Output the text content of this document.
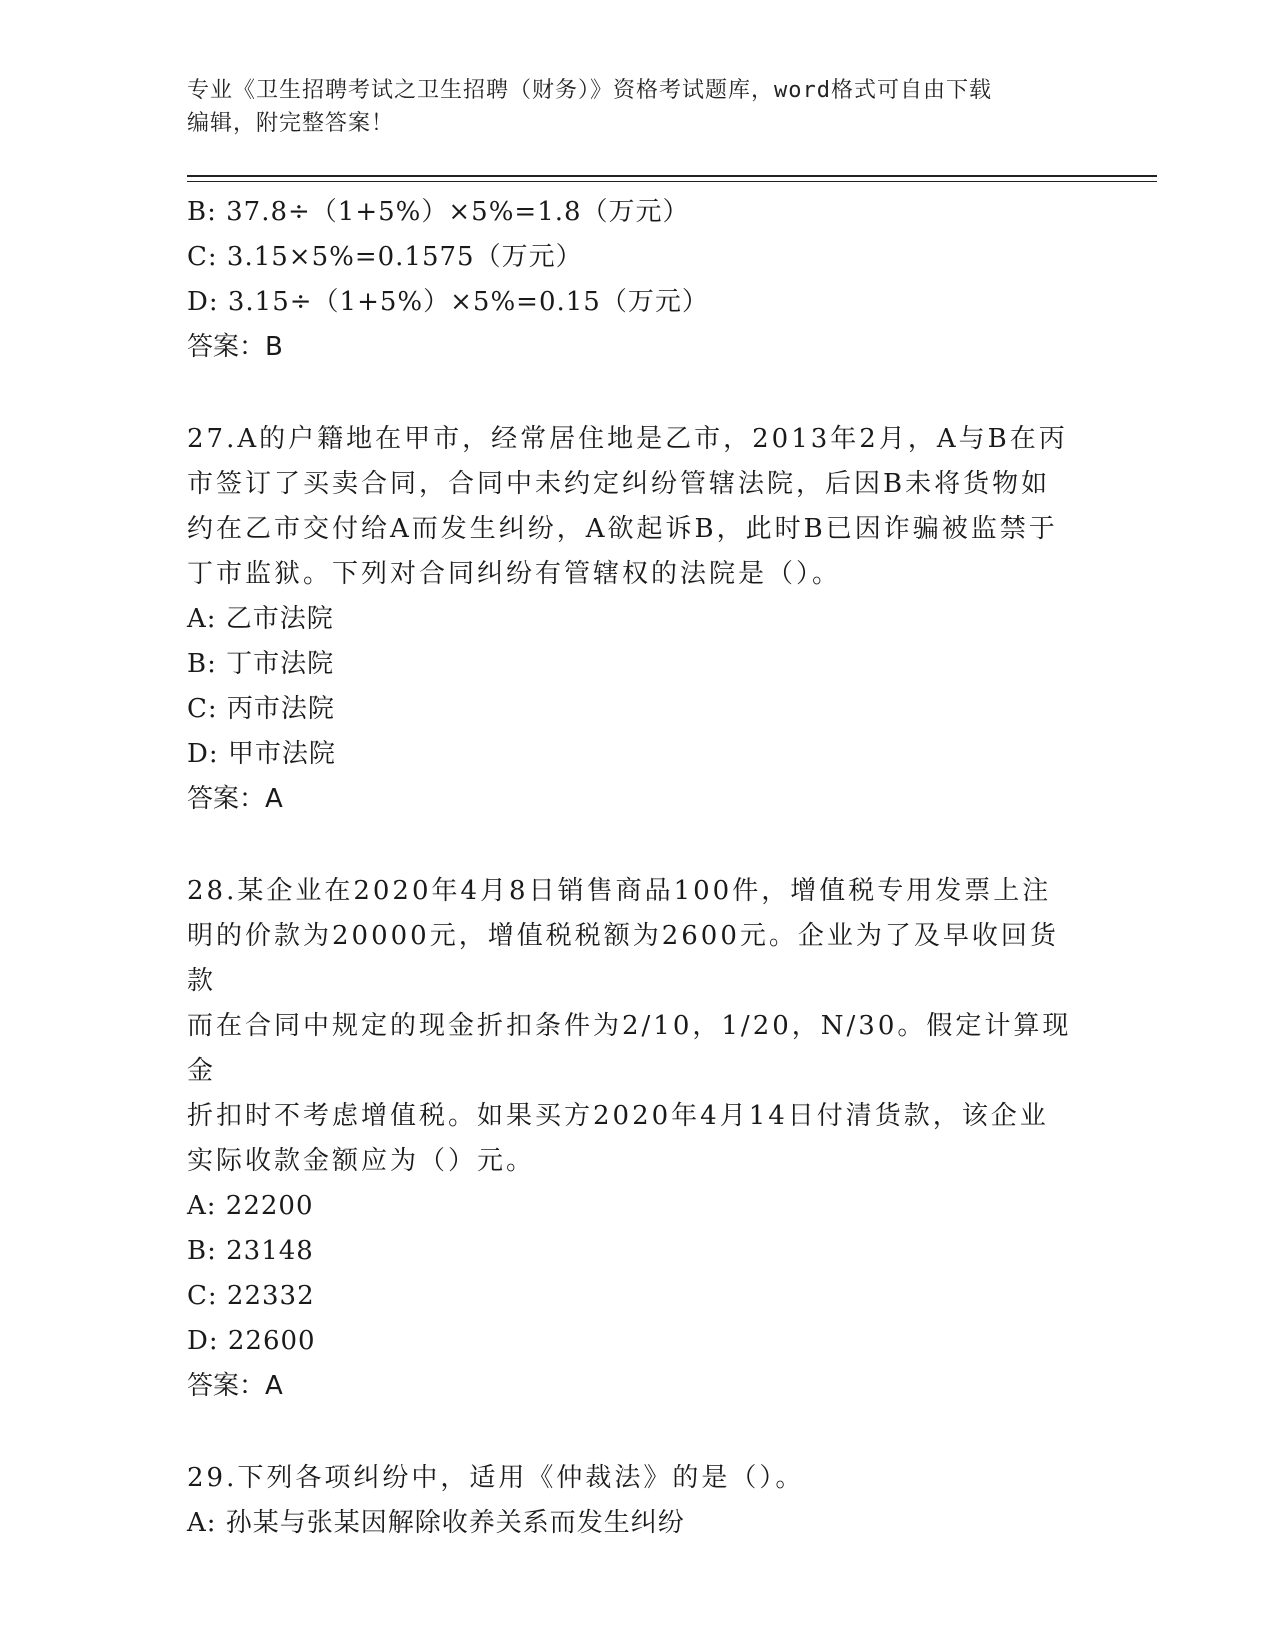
专业《卫生招聘考试之卫生招聘（财务）》资格考试题库，word格式可自由下载
编辑，附完整答案！
B: 37.8÷（1+5%）×5%=1.8（万元）
C: 3.15×5%=0.1575（万元）
D: 3.15÷（1+5%）×5%=0.15（万元）
答案：B
27.A的户籍地在甲市，经常居住地是乙市，2013年2月，A与B在丙
市签订了买卖合同，合同中未约定纠纷管辖法院，后因B未将货物如
约在乙市交付给A而发生纠纷，A欲起诉B，此时B已因诈骗被监禁于
丁市监狱。下列对合同纠纷有管辖权的法院是（）。
A: 乙市法院
B: 丁市法院
C: 丙市法院
D: 甲市法院
答案：A
28.某企业在2020年4月8日销售商品100件，增值税专用发票上注
明的价款为20000元，增值税税额为2600元。企业为了及早收回货款
而在合同中规定的现金折扣条件为2/10，1/20，N/30。假定计算现金
折扣时不考虑增值税。如果买方2020年4月14日付清货款，该企业
实际收款金额应为（）元。
A: 22200
B: 23148
C: 22332
D: 22600
答案：A
29.下列各项纠纷中，适用《仲裁法》的是（）。
A: 孙某与张某因解除收养关系而发生纠纷
